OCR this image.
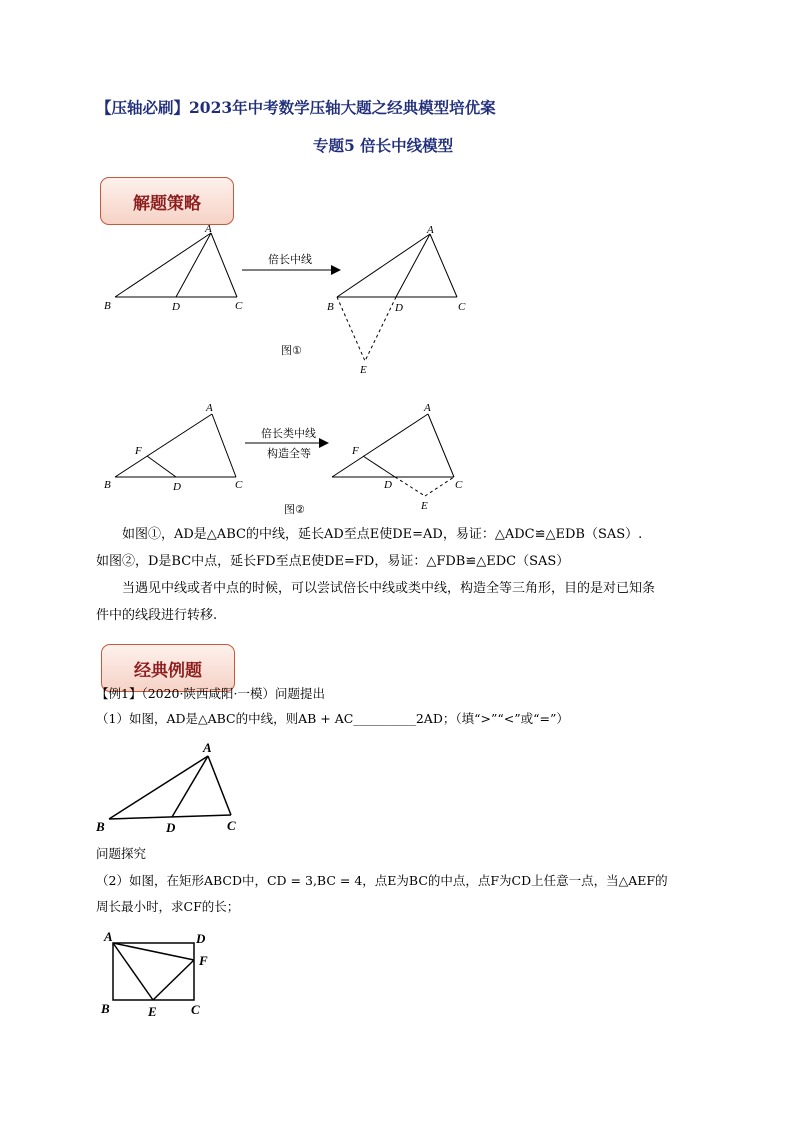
【压轴必刷】2023年中考数学压轴大题之经典模型培优案
专题5 倍长中线模型
解题策略
A
B	D	C
倍长中线
A
B	D	C
E
图①
A
F
B	D	C
倍长类中线
构造全等
A
F
D	C
E
图②
如图①，AD是△ABC的中线，延长AD至点E使DE=AD，易证：△ADC≌△EDB（SAS）.
如图②，D是BC中点，延长FD至点E使DE=FD，易证：△FDB≌△EDC（SAS）
当遇见中线或者中点的时候，可以尝试倍长中线或类中线，构造全等三角形，目的是对已知条
件中的线段进行转移.
经典例题
【例1】（2020·陕西咸阳·一模）问题提出
（1）如图，AD是△ABC的中线，则AB + AC__________2AD；（填“>”“<”或“=”）
A
B	D	C
问题探究
（2）如图，在矩形ABCD中，CD = 3,BC = 4，点E为BC的中点，点F为CD上任意一点，当△AEF的
周长最小时，求CF的长；
A	D
F
B	E	C
